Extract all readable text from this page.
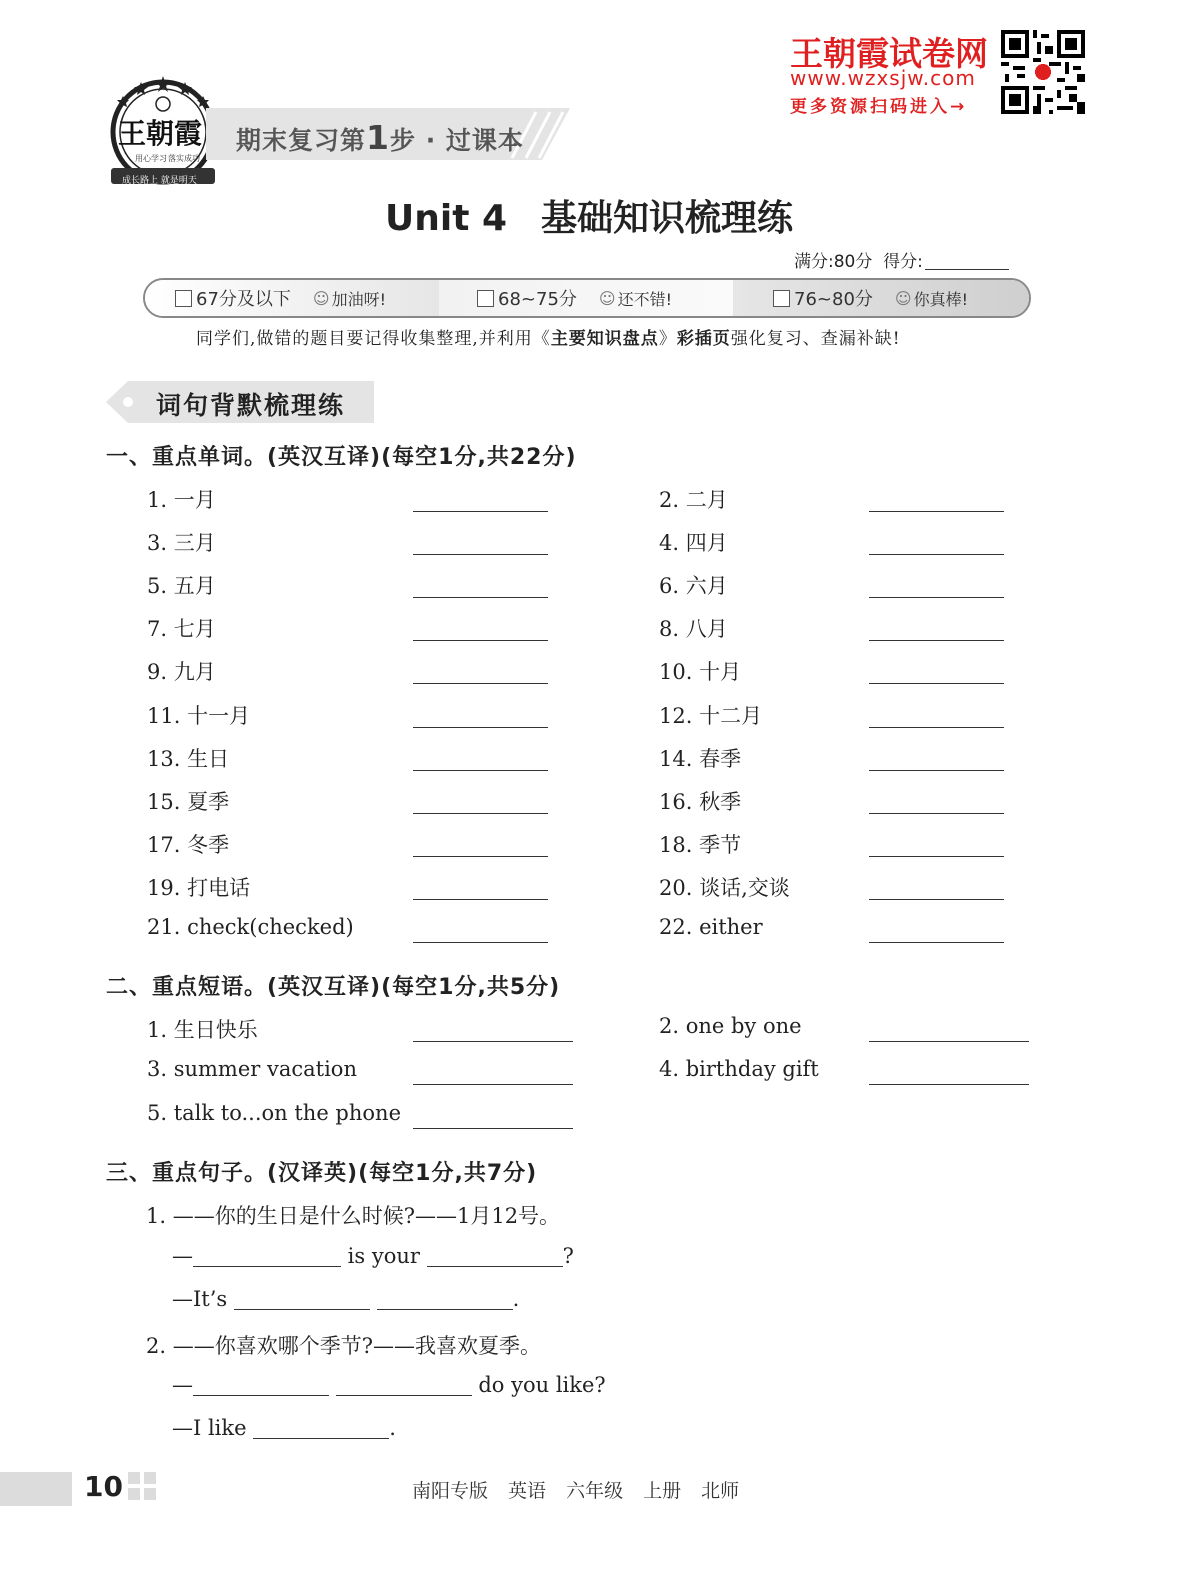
王朝霞
用心学习 落实成功
成长路上 就是明天
期末复习第1步 · 过课本
王朝霞试卷网
www.wzxsjw.com
更多资源扫码进入→
Unit 4 基础知识梳理练
满分:80分 得分:
67分及以下 ☺ 加油呀!	68~75分 ☺ 还不错!	76~80分 ☺ 你真棒!
同学们,做错的题目要记得收集整理,并利用《主要知识盘点》彩插页强化复习、查漏补缺!
词句背默梳理练
一、重点单词。(英汉互译)(每空1分,共22分)
1. 一月	2. 二月
3. 三月	4. 四月
5. 五月	6. 六月
7. 七月	8. 八月
9. 九月	10. 十月
11. 十一月	12. 十二月
13. 生日	14. 春季
15. 夏季	16. 秋季
17. 冬季	18. 季节
19. 打电话	20. 谈话,交谈
21. check(checked)	22. either
二、重点短语。(英汉互译)(每空1分,共5分)
1. 生日快乐	2. one by one
3. summer vacation	4. birthday gift
5. talk to...on the phone
三、重点句子。(汉译英)(每空1分,共7分)
1. ——你的生日是什么时候?——1月12号。
—	is your	?
—It’s	.
2. ——你喜欢哪个季节?——我喜欢夏季。
—	do you like?
—I like	.
10	南阳专版 英语 六年级 上册 北师
